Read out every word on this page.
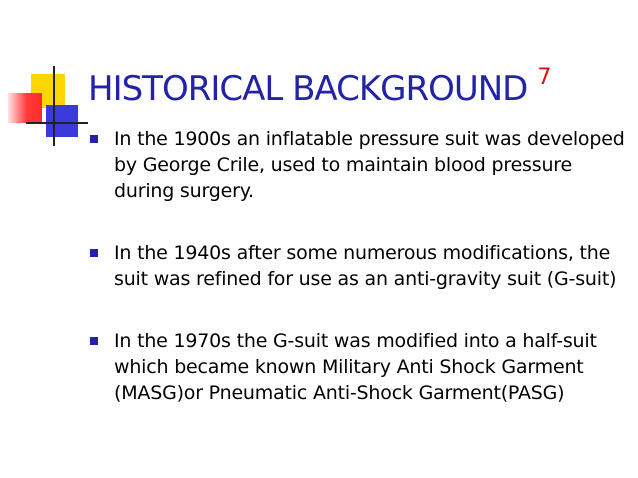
HISTORICAL BACKGROUND $^7$
In the 1900s an inflatable pressure suit was developed by George Crile, used to maintain blood pressure during surgery.
In the 1940s after some numerous modifications, the suit was refined for use as an anti-gravity suit (G-suit)
In the 1970s the G-suit was modified into a half-suit which became known Military Anti Shock Garment (MASG)or Pneumatic Anti-Shock Garment(PASG)
